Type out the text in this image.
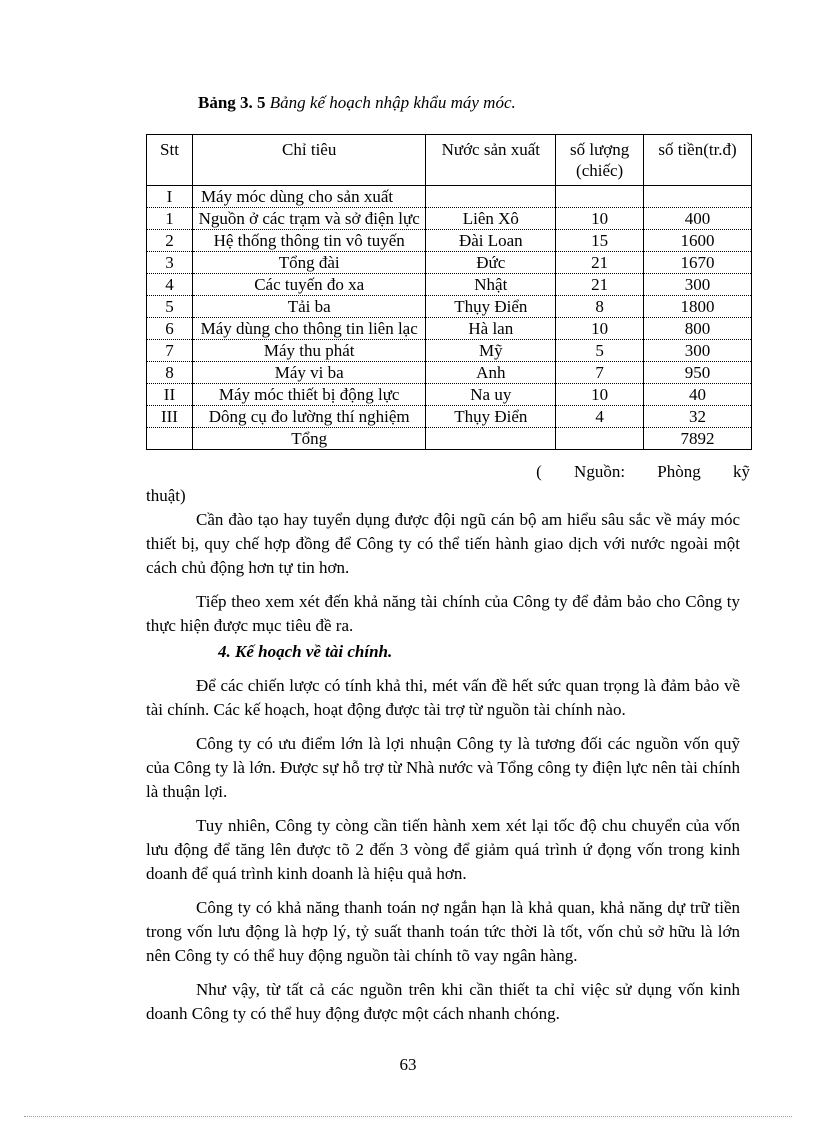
Bảng 3. 5 Bảng kế hoạch nhập khẩu máy móc.
Stt	Chỉ tiêu	Nước sản xuất	số lượng (chiếc)	số tiền(tr.đ)
I	Máy móc dùng cho sản xuất			
1	Nguồn ở các trạm và sở điện lực	Liên Xô	10	400
2	Hệ thống thông tin vô tuyến	Đài Loan	15	1600
3	Tổng đài	Đức	21	1670
4	Các tuyến đo xa	Nhật	21	300
5	Tải ba	Thụy Điển	8	1800
6	Máy dùng cho thông tin liên lạc	Hà lan	10	800
7	Máy thu phát	Mỹ	5	300
8	Máy vi ba	Anh	7	950
II	Máy móc thiết bị động lực	Na uy	10	40
III	Dông cụ đo lường thí nghiệm	Thụy Điển	4	32
	Tổng			7892
( Nguồn: Phòng kỹ
thuật)

Cần đào tạo hay tuyển dụng được đội ngũ cán bộ am hiểu sâu sắc về máy móc thiết bị, quy chế hợp đồng để Công ty có thể tiến hành giao dịch với nước ngoài một cách chủ động hơn tự tin hơn.

Tiếp theo xem xét đến khả năng tài chính của Công ty để đảm bảo cho Công ty thực hiện được mục tiêu đề ra.

4. Kế hoạch về tài chính.

Để các chiến lược có tính khả thi, mét vấn đề hết sức quan trọng là đảm bảo về tài chính. Các kế hoạch, hoạt động được tài trợ từ nguồn tài chính nào.

Công ty có ưu điểm lớn là lợi nhuận Công ty là tương đối các nguồn vốn quỹ của Công ty là lớn. Được sự hỗ trợ từ Nhà nước và Tổng công ty điện lực nên tài chính là thuận lợi.

Tuy nhiên, Công ty còng cần tiến hành xem xét lại tốc độ chu chuyển của vốn lưu động để tăng lên được tõ 2 đến 3 vòng để giảm quá trình ứ đọng vốn trong kinh doanh để quá trình kinh doanh là hiệu quả hơn.

Công ty có khả năng thanh toán nợ ngắn hạn là khả quan, khả năng dự trữ tiền trong vốn lưu động là hợp lý, tỷ suất thanh toán tức thời là tốt, vốn chủ sở hữu là lớn nên Công ty có thể huy động nguồn tài chính tõ vay ngân hàng.

Như vậy, từ tất cả các nguồn trên khi cần thiết ta chỉ việc sử dụng vốn kinh doanh Công ty có thể huy động được một cách nhanh chóng.

63
